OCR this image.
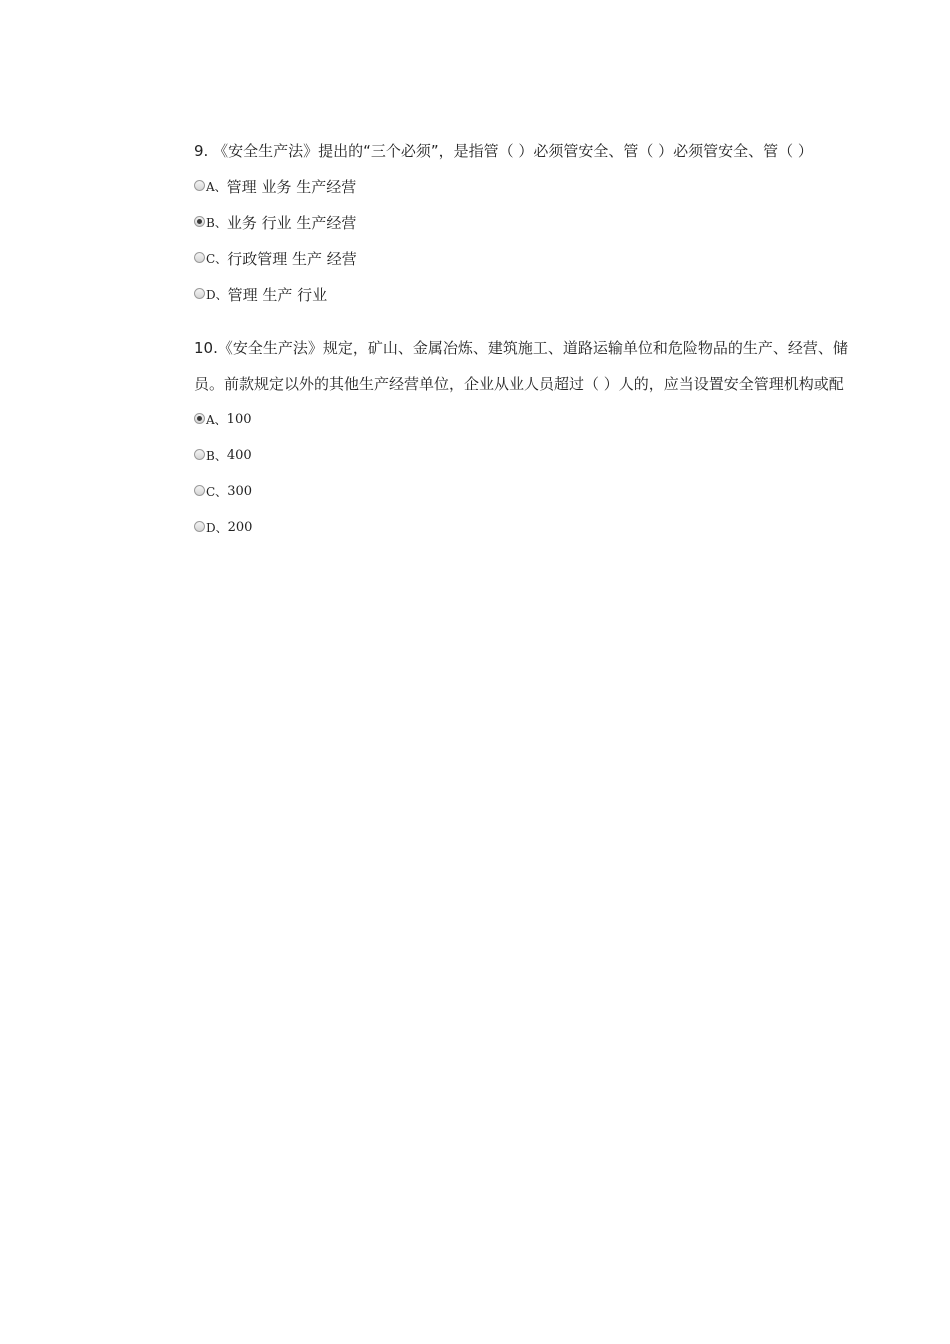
9. 《安全生产法》提出的“三个必须”，是指管（ ）必须管安全、管（ ）必须管安全、管（ ）
A、 管理 业务 生产经营
B、 业务 行业 生产经营
C、 行政管理 生产 经营
D、 管理 生产 行业
10.《安全生产法》规定，矿山、金属冶炼、建筑施工、道路运输单位和危险物品的生产、经营、储
员。前款规定以外的其他生产经营单位，企业从业人员超过（ ）人的，应当设置安全管理机构或配
A、 100
B、 400
C、 300
D、 200
